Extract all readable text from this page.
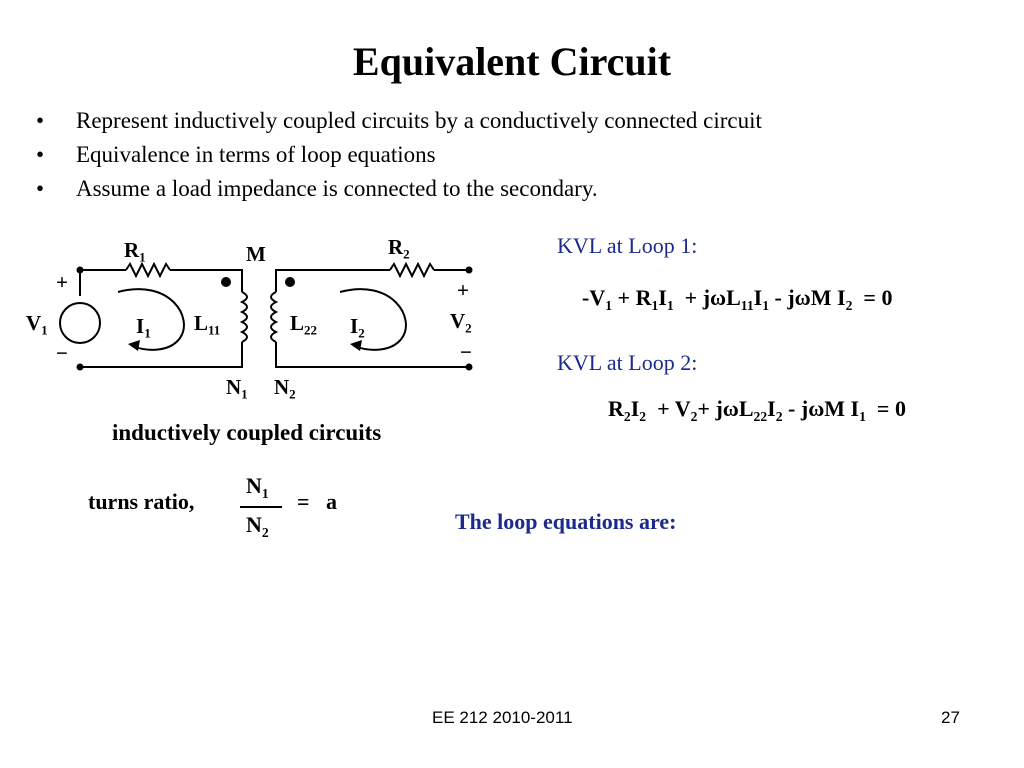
Equivalent Circuit
• Represent inductively coupled circuits by a conductively connected circuit
• Equivalence in terms of loop equations
• Assume a load impedance is connected to the secondary.
$R_1$	M	$R_2$
+
−
$V_1$	$I_1$ $L_{11}$	$L_{22}$ $I_2$
+
$V_2$
−
$N_1$ $N_2$
inductively coupled circuits
turns ratio,
$N_1$
$N_2$
= a
KVL at Loop 1:
$-V_1 + R_1I_1 + j\omega L_{11}I_1 - j\omega M$ $I_2 = 0$
KVL at Loop 2:
$R_2I_2 + V_2+ j\omega L_{22}I_2 - j\omega M$ $I_1 = 0$
The loop equations are:
EE 212 2010-2011	27
